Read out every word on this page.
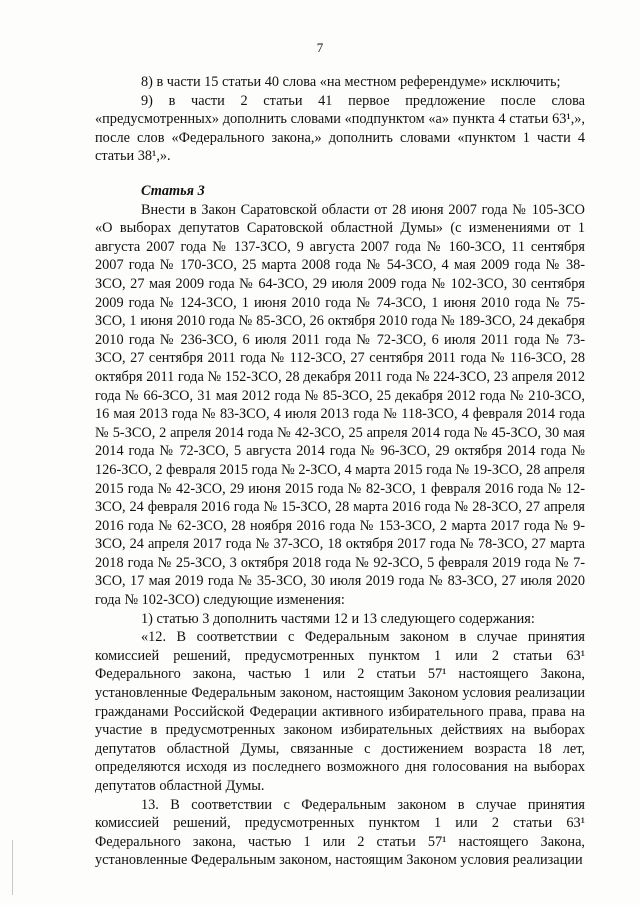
7

8) в части 15 статьи 40 слова «на местном референдуме» исключить;

9) в части 2 статьи 41 первое предложение после слова «предусмотренных» дополнить словами «подпунктом «а» пункта 4 статьи 63¹,», после слов «Федерального закона,» дополнить словами «пунктом 1 части 4 статьи 38¹,».

Статья 3

Внести в Закон Саратовской области от 28 июня 2007 года № 105-ЗСО «О выборах депутатов Саратовской областной Думы» (с изменениями от 1 августа 2007 года № 137-ЗСО, 9 августа 2007 года № 160-ЗСО, 11 сентября 2007 года № 170-ЗСО, 25 марта 2008 года № 54-ЗСО, 4 мая 2009 года № 38-ЗСО, 27 мая 2009 года № 64-ЗСО, 29 июля 2009 года № 102-ЗСО, 30 сентября 2009 года № 124-ЗСО, 1 июня 2010 года № 74-ЗСО, 1 июня 2010 года № 75-ЗСО, 1 июня 2010 года № 85-ЗСО, 26 октября 2010 года № 189-ЗСО, 24 декабря 2010 года № 236-ЗСО, 6 июля 2011 года № 72-ЗСО, 6 июля 2011 года № 73-ЗСО, 27 сентября 2011 года № 112-ЗСО, 27 сентября 2011 года № 116-ЗСО, 28 октября 2011 года № 152-ЗСО, 28 декабря 2011 года № 224-ЗСО, 23 апреля 2012 года № 66-ЗСО, 31 мая 2012 года № 85-ЗСО, 25 декабря 2012 года № 210-ЗСО, 16 мая 2013 года № 83-ЗСО, 4 июля 2013 года № 118-ЗСО, 4 февраля 2014 года № 5-ЗСО, 2 апреля 2014 года № 42-ЗСО, 25 апреля 2014 года № 45-ЗСО, 30 мая 2014 года № 72-ЗСО, 5 августа 2014 года № 96-ЗСО, 29 октября 2014 года № 126-ЗСО, 2 февраля 2015 года № 2-ЗСО, 4 марта 2015 года № 19-ЗСО, 28 апреля 2015 года № 42-ЗСО, 29 июня 2015 года № 82-ЗСО, 1 февраля 2016 года № 12-ЗСО, 24 февраля 2016 года № 15-ЗСО, 28 марта 2016 года № 28-ЗСО, 27 апреля 2016 года № 62-ЗСО, 28 ноября 2016 года № 153-ЗСО, 2 марта 2017 года № 9-ЗСО, 24 апреля 2017 года № 37-ЗСО, 18 октября 2017 года № 78-ЗСО, 27 марта 2018 года № 25-ЗСО, 3 октября 2018 года № 92-ЗСО, 5 февраля 2019 года № 7-ЗСО, 17 мая 2019 года № 35-ЗСО, 30 июля 2019 года № 83-ЗСО, 27 июля 2020 года № 102-ЗСО) следующие изменения:

1) статью 3 дополнить частями 12 и 13 следующего содержания:

«12. В соответствии с Федеральным законом в случае принятия комиссией решений, предусмотренных пунктом 1 или 2 статьи 63¹ Федерального закона, частью 1 или 2 статьи 57¹ настоящего Закона, установленные Федеральным законом, настоящим Законом условия реализации гражданами Российской Федерации активного избирательного права, права на участие в предусмотренных законом избирательных действиях на выборах депутатов областной Думы, связанные с достижением возраста 18 лет, определяются исходя из последнего возможного дня голосования на выборах депутатов областной Думы.

13. В соответствии с Федеральным законом в случае принятия комиссией решений, предусмотренных пунктом 1 или 2 статьи 63¹ Федерального закона, частью 1 или 2 статьи 57¹ настоящего Закона, установленные Федеральным законом, настоящим Законом условия реализации
